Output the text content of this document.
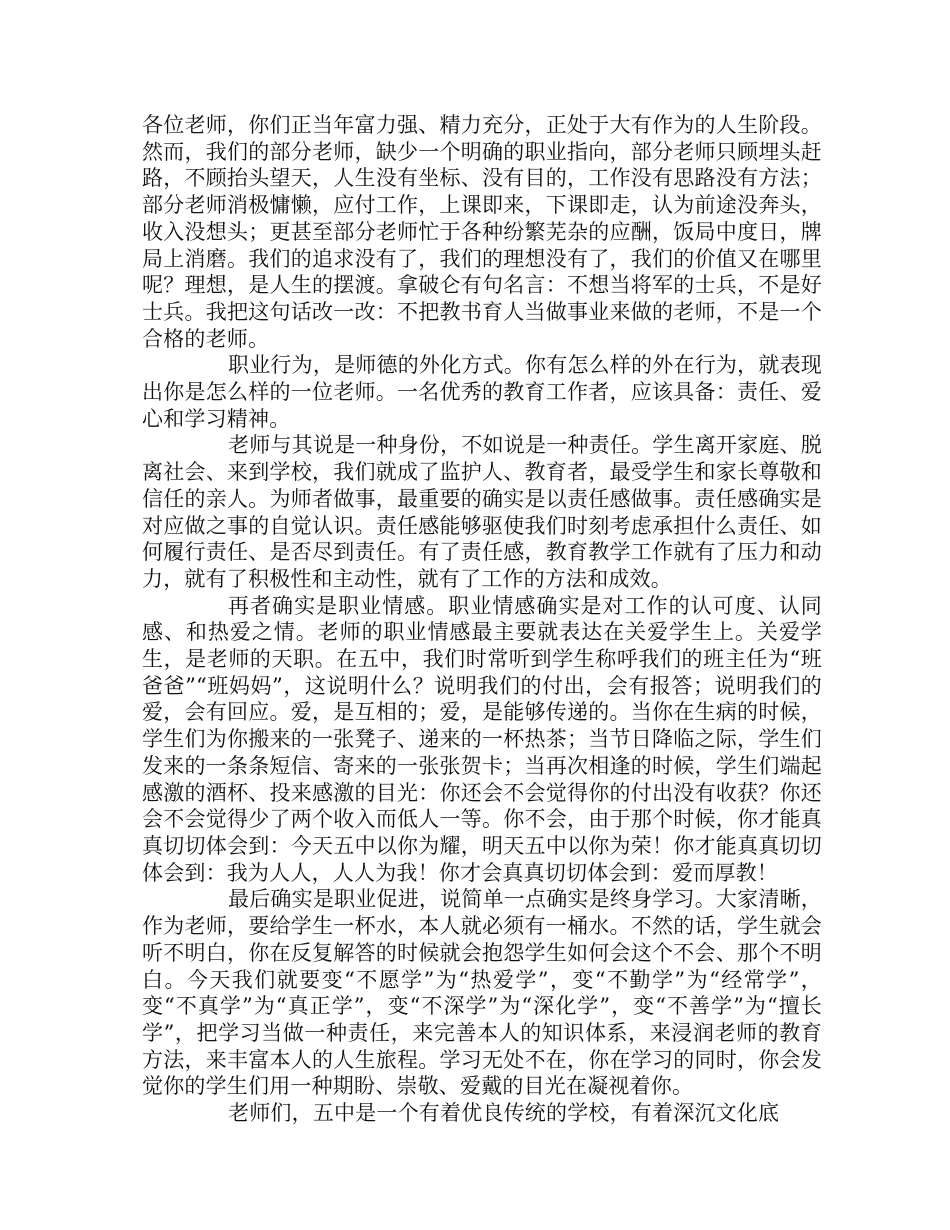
各位老师，你们正当年富力强、精力充分，正处于大有作为的人生阶段。然而，我们的部分老师，缺少一个明确的职业指向，部分老师只顾埋头赶路，不顾抬头望天，人生没有坐标、没有目的，工作没有思路没有方法；部分老师消极慵懒，应付工作，上课即来，下课即走，认为前途没奔头，收入没想头；更甚至部分老师忙于各种纷繁芜杂的应酬，饭局中度日，牌局上消磨。我们的追求没有了，我们的理想没有了，我们的价值又在哪里呢？理想，是人生的摆渡。拿破仑有句名言：不想当将军的士兵，不是好士兵。我把这句话改一改：不把教书育人当做事业来做的老师，不是一个合格的老师。

职业行为，是师德的外化方式。你有怎么样的外在行为，就表现出你是怎么样的一位老师。一名优秀的教育工作者，应该具备：责任、爱心和学习精神。

老师与其说是一种身份，不如说是一种责任。学生离开家庭、脱离社会、来到学校，我们就成了监护人、教育者，最受学生和家长尊敬和信任的亲人。为师者做事，最重要的确实是以责任感做事。责任感确实是对应做之事的自觉认识。责任感能够驱使我们时刻考虑承担什么责任、如何履行责任、是否尽到责任。有了责任感，教育教学工作就有了压力和动力，就有了积极性和主动性，就有了工作的方法和成效。

再者确实是职业情感。职业情感确实是对工作的认可度、认同感、和热爱之情。老师的职业情感最主要就表达在关爱学生上。关爱学生，是老师的天职。在五中，我们时常听到学生称呼我们的班主任为“班爸爸”“班妈妈”，这说明什么？说明我们的付出，会有报答；说明我们的爱，会有回应。爱，是互相的；爱，是能够传递的。当你在生病的时候，学生们为你搬来的一张凳子、递来的一杯热茶；当节日降临之际，学生们发来的一条条短信、寄来的一张张贺卡；当再次相逢的时候，学生们端起感激的酒杯、投来感激的目光：你还会不会觉得你的付出没有收获？你还会不会觉得少了两个收入而低人一等。你不会，由于那个时候，你才能真真切切体会到：今天五中以你为耀，明天五中以你为荣！你才能真真切切体会到：我为人人，人人为我！你才会真真切切体会到：爱而厚教！

最后确实是职业促进，说简单一点确实是终身学习。大家清晰，作为老师，要给学生一杯水，本人就必须有一桶水。不然的话，学生就会听不明白，你在反复解答的时候就会抱怨学生如何会这个不会、那个不明白。今天我们就要变“不愿学”为“热爱学”，变“不勤学”为“经常学”，变“不真学”为“真正学”，变“不深学”为“深化学”，变“不善学”为“擅长学”，把学习当做一种责任，来完善本人的知识体系，来浸润老师的教育方法，来丰富本人的人生旅程。学习无处不在，你在学习的同时，你会发觉你的学生们用一种期盼、崇敬、爱戴的目光在凝视着你。

老师们，五中是一个有着优良传统的学校，有着深沉文化底
